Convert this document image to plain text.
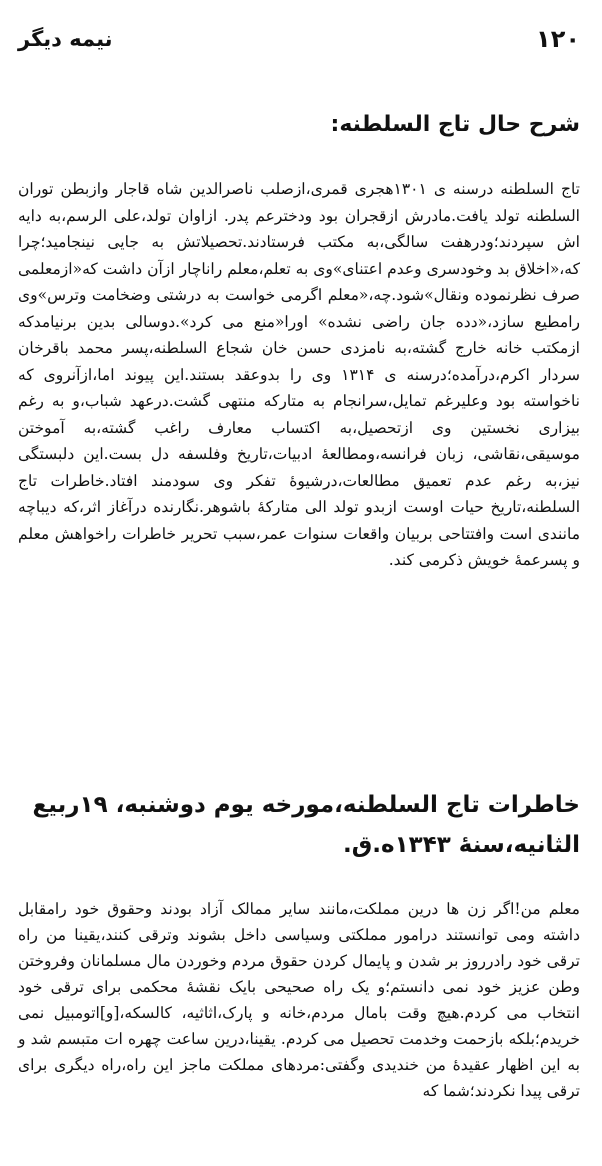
۱۲۰
نیمه دیگر
شرح حال تاج السلطنه:

تاج السلطنه درسنه ی ۱۳۰۱هجری قمری،ازصلب ناصرالدین شاه قاجار وازبطن توران السلطنه تولد یافت.مادرش ازقجران بود ودخترعم پدر. ازاوان تولد،علی الرسم،به دایه اش سپردند؛ودرهفت سالگی،به مکتب فرستادند.تحصیلاتش به جایی نینجامید؛چرا که،«اخلاق بد وخودسری وعدم اعتنای»وی به تعلم،معلم راناچار ازآن داشت که«ازمعلمی صرف نظرنموده ونقال»شود.چه،«معلم اگرمی خواست به درشتی وضخامت وترس»وی رامطیع سازد،«دده جان راضی نشده» اورا«منع می کرد».دوسالی بدین برنیامدکه ازمکتب خانه خارج گشته،به نامزدی حسن خان شجاع السلطنه،پسر محمد باقرخان سردار اکرم،درآمده؛درسنه ی ۱۳۱۴ وی را بدوعقد بستند.این پیوند اما،ازآنروی که ناخواسته بود وعلیرغم تمایل،سرانجام به متارکه منتهی گشت.درعهد شباب،و به رغم بیزاری نخستین وی ازتحصیل،به اکتساب معارف راغب گشته،به آموختن موسیقی،نقاشی، زبان فرانسه،ومطالعهٔ ادبیات،تاریخ وفلسفه دل بست.این دلبستگی نیز،به رغم عدم تعمیق مطالعات،درشیوهٔ تفکر وی سودمند افتاد.خاطرات تاج السلطنه،تاریخ حیات اوست ازبدو تولد الی متارکهٔ باشوهر.نگارنده درآغاز اثر،که دیباچه مانندی است وافتتاحی بربیان واقعات سنوات عمر،سبب تحریر خاطرات راخواهش معلم و پسرعمهٔ خویش ذکرمی کند.

خاطرات تاج السلطنه،مورخه یوم دوشنبه، ۱۹ربیع الثانیه،سنهٔ ۱۳۴۳ه.ق.

معلم من!اگر زن ها درین مملکت،مانند سایر ممالک آزاد بودند وحقوق خود رامقابل داشته ومی توانستند درامور مملکتی وسیاسی داخل بشوند وترقی کنند،یقینا من راه ترقی خود رادرروز بر شدن و پایمال کردن حقوق مردم وخوردن مال مسلمانان وفروختن وطن عزیز خود نمی دانستم؛و یک راه صحیحی بایک نقشهٔ محکمی برای ترقی خود انتخاب می کردم.هیچ وقت بامال مردم،خانه و پارک،اثاثیه، کالسکه،[و]اتومبیل نمی خریدم؛بلکه بازحمت وخدمت تحصیل می کردم. یقینا،درین ساعت چهره ات متبسم شد و به این اظهار عقیدهٔ من خندیدی وگفتی:مردهای مملکت ماجز این راه،راه دیگری برای ترقی پیدا نکردند؛شما که
